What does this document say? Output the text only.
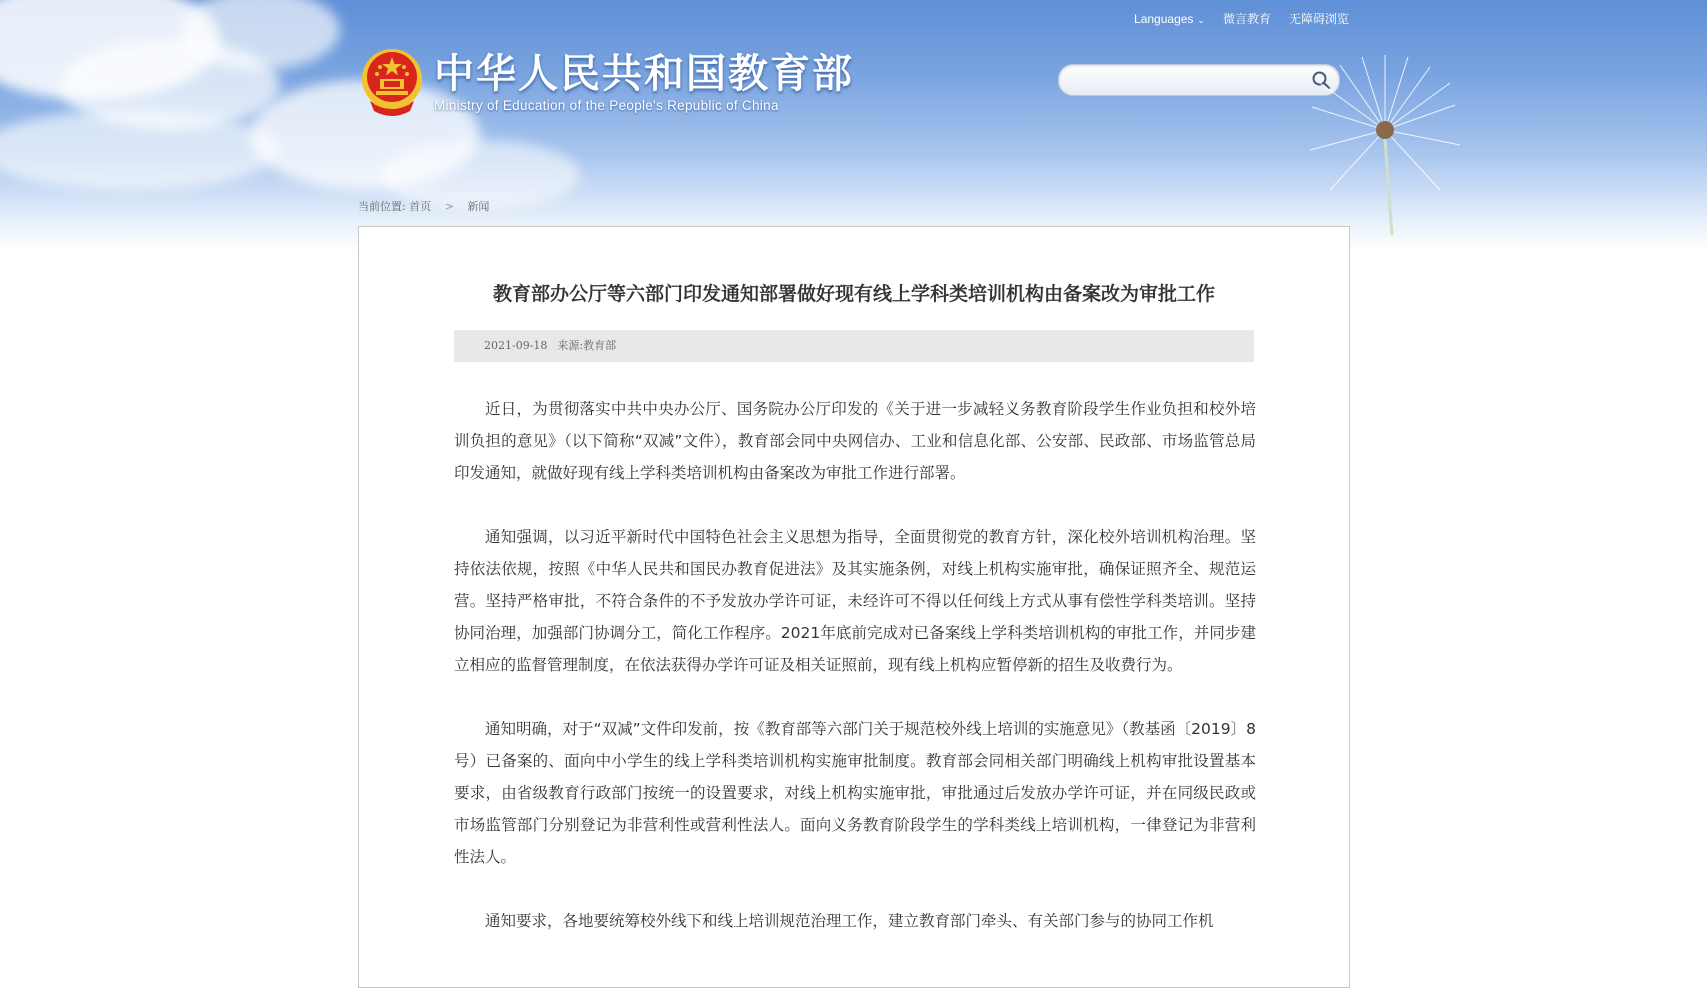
Languages ⌄ 微言教育 无障碍浏览
中华人民共和国教育部
Ministry of Education of the People's Republic of China
当前位置: 首页 > 新闻
教育部办公厅等六部门印发通知部署做好现有线上学科类培训机构由备案改为审批工作
2021-09-18 来源:教育部

近日，为贯彻落实中共中央办公厅、国务院办公厅印发的《关于进一步减轻义务教育阶段学生作业负担和校外培训负担的意见》（以下简称“双减”文件），教育部会同中央网信办、工业和信息化部、公安部、民政部、市场监管总局印发通知，就做好现有线上学科类培训机构由备案改为审批工作进行部署。

通知强调，以习近平新时代中国特色社会主义思想为指导，全面贯彻党的教育方针，深化校外培训机构治理。坚持依法依规，按照《中华人民共和国民办教育促进法》及其实施条例，对线上机构实施审批，确保证照齐全、规范运营。坚持严格审批，不符合条件的不予发放办学许可证，未经许可不得以任何线上方式从事有偿性学科类培训。坚持协同治理，加强部门协调分工，简化工作程序。2021年底前完成对已备案线上学科类培训机构的审批工作，并同步建立相应的监督管理制度，在依法获得办学许可证及相关证照前，现有线上机构应暂停新的招生及收费行为。

通知明确，对于“双减”文件印发前，按《教育部等六部门关于规范校外线上培训的实施意见》（教基函〔2019〕8号）已备案的、面向中小学生的线上学科类培训机构实施审批制度。教育部会同相关部门明确线上机构审批设置基本要求，由省级教育行政部门按统一的设置要求，对线上机构实施审批，审批通过后发放办学许可证，并在同级民政或市场监管部门分别登记为非营利性或营利性法人。面向义务教育阶段学生的学科类线上培训机构，一律登记为非营利性法人。

通知要求，各地要统筹校外线下和线上培训规范治理工作，建立教育部门牵头、有关部门参与的协同工作机
